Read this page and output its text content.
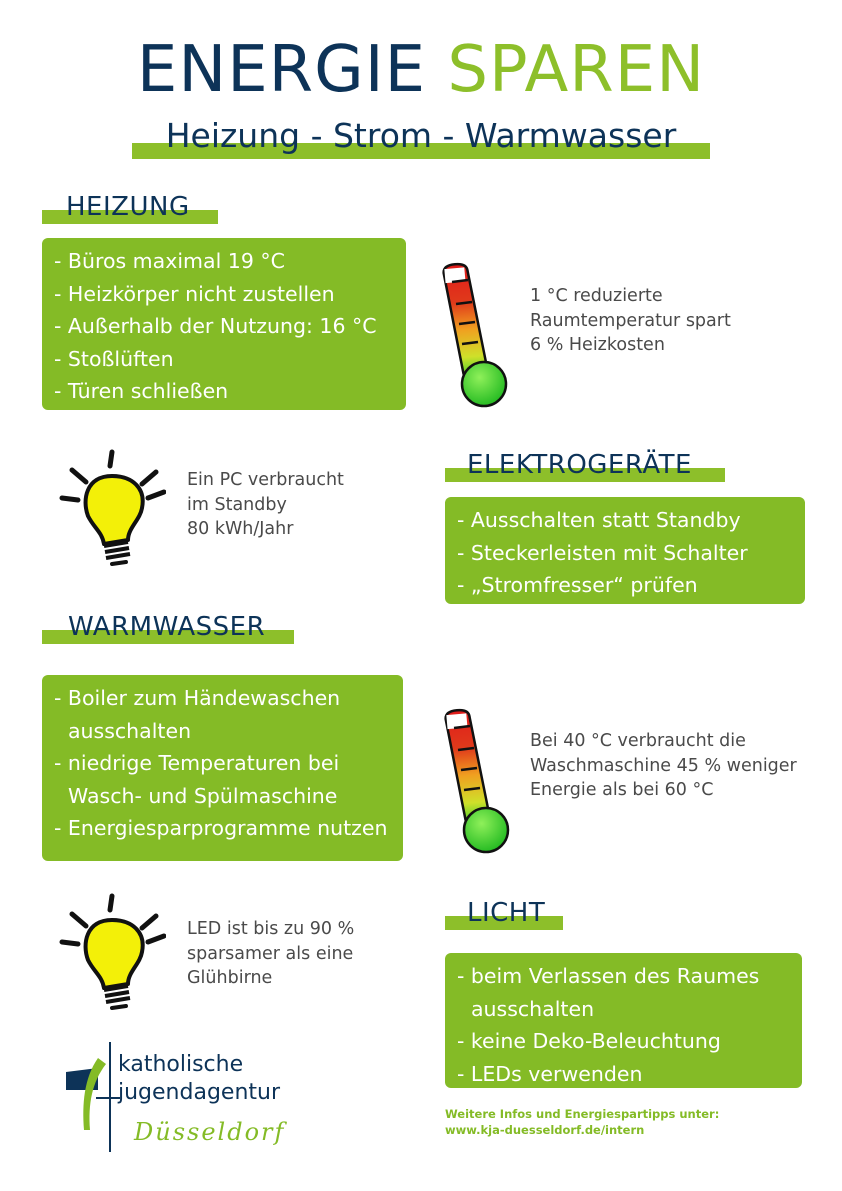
ENERGIE SPAREN
Heizung - Strom - Warmwasser
HEIZUNG
- Büros maximal 19 °C
- Heizkörper nicht zustellen
- Außerhalb der Nutzung: 16 °C
- Stoßlüften
- Türen schließen
1 °C reduzierte
Raumtemperatur spart
6 % Heizkosten
Ein PC verbraucht
im Standby
80 kWh/Jahr
ELEKTROGERÄTE
- Ausschalten statt Standby
- Steckerleisten mit Schalter
- „Stromfresser“ prüfen
WARMWASSER
- Boiler zum Händewaschen
ausschalten
- niedrige Temperaturen bei
Wasch- und Spülmaschine
- Energiesparprogramme nutzen
Bei 40 °C verbraucht die
Waschmaschine 45 % weniger
Energie als bei 60 °C
LED ist bis zu 90 %
sparsamer als eine
Glühbirne
LICHT
- beim Verlassen des Raumes
ausschalten
- keine Deko-Beleuchtung
- LEDs verwenden
katholische
jugendagentur
Düsseldorf
Weitere Infos und Energiespartipps unter:
www.kja-duesseldorf.de/intern
